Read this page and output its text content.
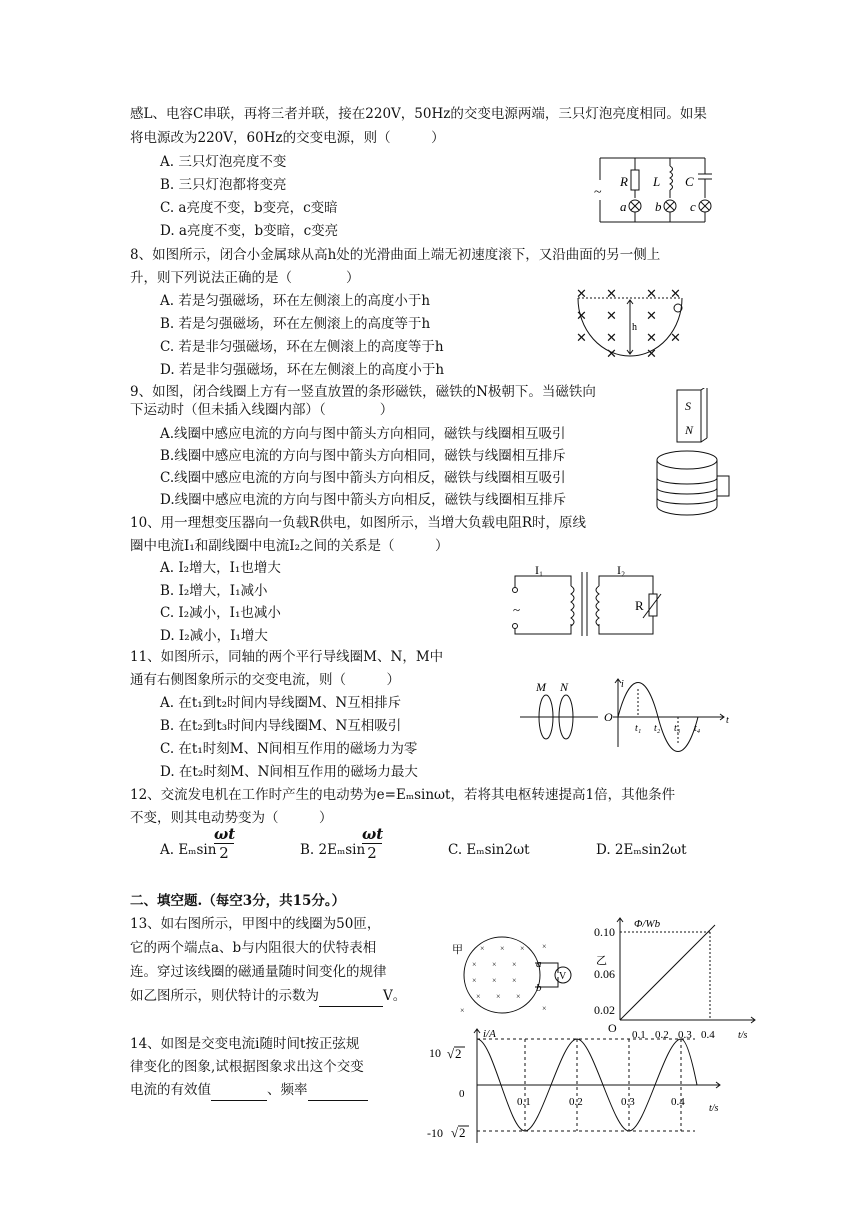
感L、电容C串联，再将三者并联，接在220V，50Hz的交变电源两端，三只灯泡亮度相同。如果
将电源改为220V，60Hz的交变电源，则（　　　）
A. 三只灯泡亮度不变
B. 三只灯泡都将变亮
C. a亮度不变，b变亮，c变暗
D. a亮度不变，b变暗，c变亮
~
R L C
a b c
8、如图所示，闭合小金属球从高h处的光滑曲面上端无初速度滚下，又沿曲面的另一侧上
升，则下列说法正确的是（　　　　）
A. 若是匀强磁场，环在左侧滚上的高度小于h
B. 若是匀强磁场，环在左侧滚上的高度等于h
C. 若是非匀强磁场，环在左侧滚上的高度等于h
D. 若是非匀强磁场，环在左侧滚上的高度小于h
✕ ✕ ✕ ✕
✕ ✕ ✕
✕ ✕ ✕ ✕
✕ ✕
h
9、如图，闭合线圈上方有一竖直放置的条形磁铁，磁铁的N极朝下。当磁铁向
下运动时（但未插入线圈内部）（　　　　）
A.线圈中感应电流的方向与图中箭头方向相同，磁铁与线圈相互吸引
B.线圈中感应电流的方向与图中箭头方向相同，磁铁与线圈相互排斥
C.线圈中感应电流的方向与图中箭头方向相反，磁铁与线圈相互吸引
D.线圈中感应电流的方向与图中箭头方向相反，磁铁与线圈相互排斥
S
N
10、用一理想变压器向一负载R供电，如图所示，当增大负载电阻R时，原线
圈中电流I₁和副线圈中电流I₂之间的关系是（　　　）
A. I₂增大，I₁也增大
B. I₂增大，I₁减小
C. I₂减小，I₁也减小
D. I₂减小，I₁增大
I₁	I₂
R
~
11、如图所示，同轴的两个平行导线圈M、N，M中
通有右侧图象所示的交变电流，则（　　　）
A. 在t₁到t₂时间内导线圈M、N互相排斥
B. 在t₂到t₃时间内导线圈M、N互相吸引
C. 在t₁时刻M、N间相互作用的磁场力为零
D. 在t₂时刻M、N间相互作用的磁场力最大
M N	i
O	t
t₁ t₂ t₃ t₄
12、交流发电机在工作时产生的电动势为e=Eₘsinωt，若将其电枢转速提高1倍，其他条件
不变，则其电动势变为（　　　）
A. Eₘsin
$\frac{\omega t}{2}$	B. 2Eₘsin
$\frac{\omega t}{2}$	C. Eₘsin2ωt	D. 2Eₘsin2ωt
二、填空题.（每空3分，共15分。）
13、如右图所示，甲图中的线圈为50匝，
它的两个端点a、b与内阻很大的伏特表相
连。穿过该线圈的磁通量随时间变化的规律
如乙图所示，则伏特计的示数为	V。
× × ×
× × ×
× × ×
× × ×
×
×
×
甲
a
b
V
Φ/Wb
t/s
O
0.10
0.06
0.02
0.1 0.2 0.3 0.4
乙
14、如图是交变电流i随时间t按正弦规
律变化的图象,试根据图象求出这个交变
电流的有效值	、频率
i/A
t/s
10 √ 2
0
-10 √ 2
0.1	0.2	0.3	0.4
